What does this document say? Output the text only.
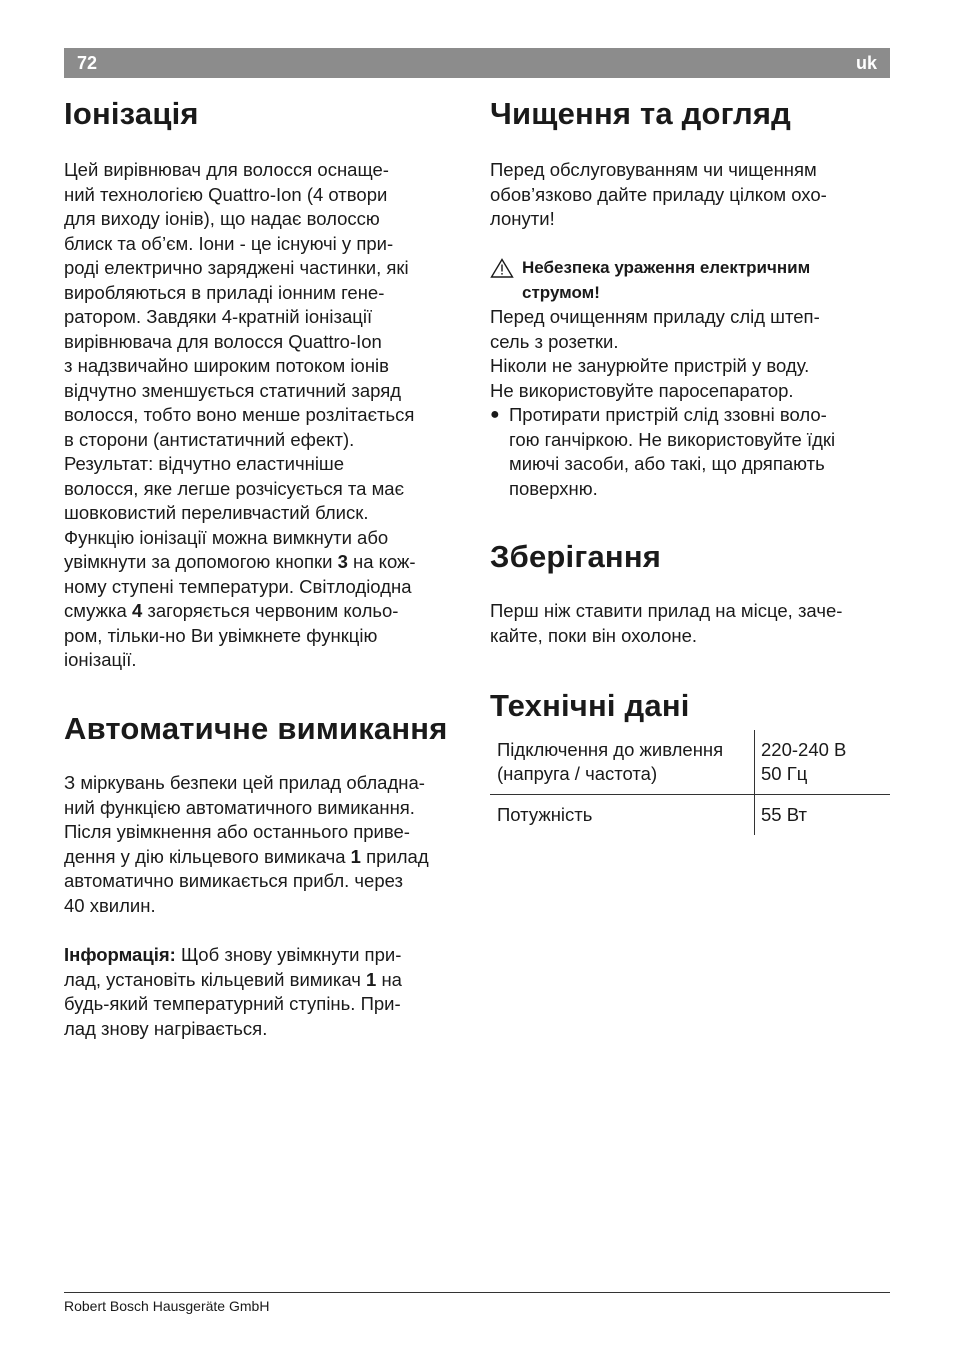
72	uk
Іонізація
Цей вирівнювач для волосся оснаще-
ний технологією Quattro-Ion (4 отвори
для виходу іонів), що надає волоссю
блиск та об’єм. Іони - це існуючі у при-
роді електрично заряджені частинки, які
виробляються в приладі іонним гене-
ратором. Завдяки 4-кратній іонізації
вирівнювача для волосся Quattro-Ion
з надзвичайно широким потоком іонів
відчутно зменшується статичний заряд
волосся, тобто воно менше розлітається
в сторони (антистатичний ефект).
Результат: відчутно еластичніше
волосся, яке легше розчісується та має
шовковистий переливчастий блиск.
Функцію іонізації можна вимкнути або
увімкнути за допомогою кнопки 3 на кож-
ному ступені температури. Світлодіодна
смужка 4 загоряється червоним кольо-
ром, тільки-но Ви увімкнете функцію
іонізації.
Автоматичне вимикання
З міркувань безпеки цей прилад обладна-
ний функцією автоматичного вимикання.
Після увімкнення або останнього приве-
дення у дію кільцевого вимикача 1 прилад
автоматично вимикається прибл. через
40 хвилин.
Інформація: Щоб знову увімкнути при-
лад, установіть кільцевий вимикач 1 на
будь-який температурний ступінь. При-
лад знову нагрівається.
Чищення та догляд
Перед обслуговуванням чи чищенням
обов’язково дайте приладу цілком охо-
лонути!
Небезпека ураження електричним
струмом!
Перед очищенням приладу слід штеп-
сель з розетки.
Ніколи не занурюйте пристрій у воду.
Не використовуйте паросепаратор.
● Протирати пристрій слід ззовні воло-
гою ганчіркою. Не використовуйте їдкі
миючі засоби, або такі, що дряпають
поверхню.
Зберігання
Перш ніж ставити прилад на місце, заче-
кайте, поки він охолоне.
Технічні дані
Підключення до живлення
(напруга / частота)
220-240 В
50 Гц
Потужність	55 Вт
Robert Bosch Hausgeräte GmbH
